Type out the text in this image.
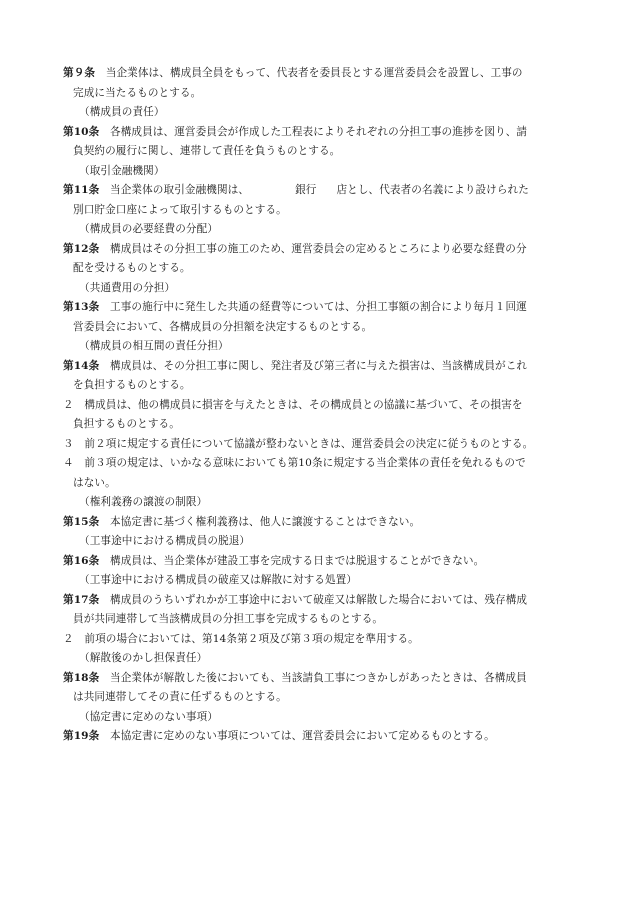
第９条　当企業体は、構成員全員をもって、代表者を委員長とする運営委員会を設置し、工事の
完成に当たるものとする。
（構成員の責任）
第10条　各構成員は、運営委員会が作成した工程表によりそれぞれの分担工事の進捗を図り、請
負契約の履行に関し、連帯して責任を負うものとする。
（取引金融機関）
第11条　当企業体の取引金融機関は、	銀行 店とし、代表者の名義により設けられた
別口貯金口座によって取引するものとする。
（構成員の必要経費の分配）
第12条　構成員はその分担工事の施工のため、運営委員会の定めるところにより必要な経費の分
配を受けるものとする。
（共通費用の分担）
第13条　工事の施行中に発生した共通の経費等については、分担工事額の割合により毎月１回運
営委員会において、各構成員の分担額を決定するものとする。
（構成員の相互間の責任分担）
第14条　構成員は、その分担工事に関し、発注者及び第三者に与えた損害は、当該構成員がこれ
を負担するものとする。
２　構成員は、他の構成員に損害を与えたときは、その構成員との協議に基づいて、その損害を
負担するものとする。
３　前２項に規定する責任について協議が整わないときは、運営委員会の決定に従うものとする。
４　前３項の規定は、いかなる意味においても第10条に規定する当企業体の責任を免れるもので
はない。
（権利義務の譲渡の制限）
第15条　本協定書に基づく権利義務は、他人に譲渡することはできない。
（工事途中における構成員の脱退）
第16条　構成員は、当企業体が建設工事を完成する日までは脱退することができない。
（工事途中における構成員の破産又は解散に対する処置）
第17条　構成員のうちいずれかが工事途中において破産又は解散した場合においては、残存構成
員が共同連帯して当該構成員の分担工事を完成するものとする。
２　前項の場合においては、第14条第２項及び第３項の規定を準用する。
（解散後のかし担保責任）
第18条　当企業体が解散した後においても、当該請負工事につきかしがあったときは、各構成員
は共同連帯してその責に任ずるものとする。
（協定書に定めのない事項）
第19条　本協定書に定めのない事項については、運営委員会において定めるものとする。
